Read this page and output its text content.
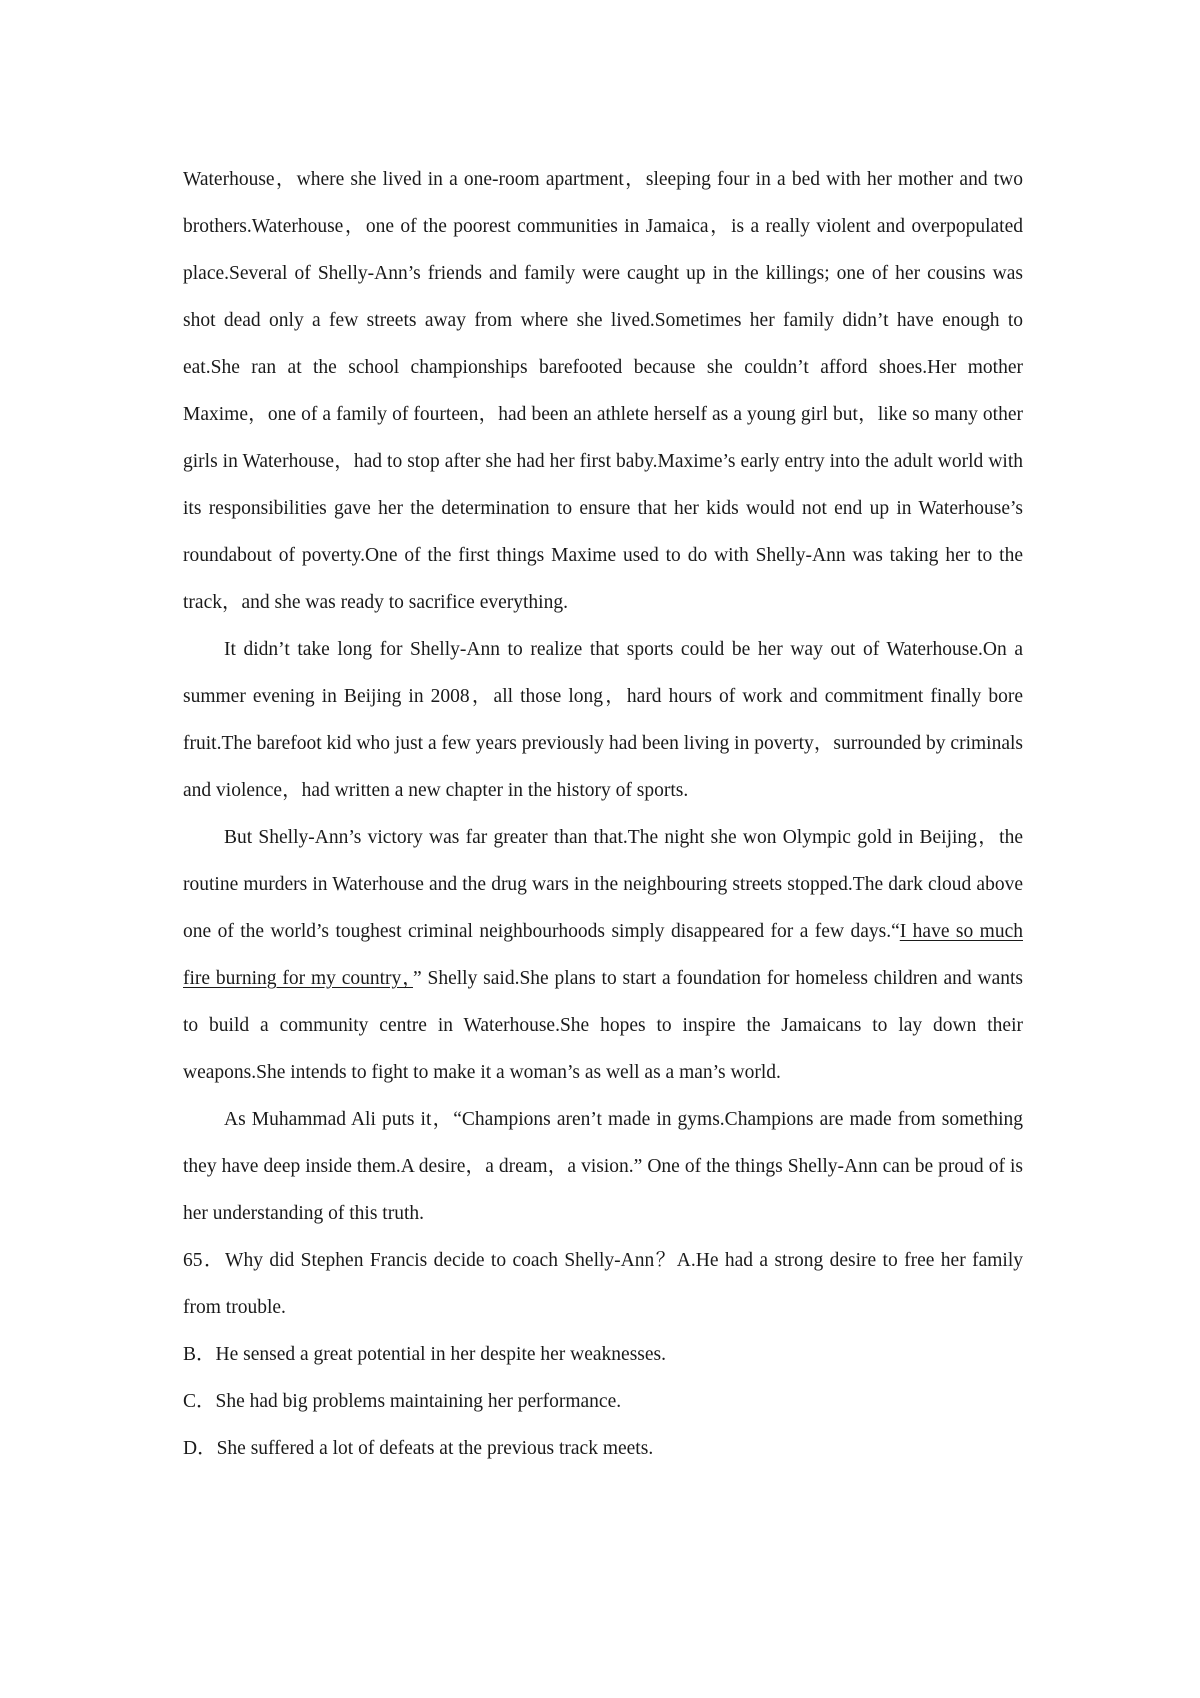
Waterhouse，where she lived in a one-room apartment，sleeping four in a bed with her mother and two brothers.Waterhouse，one of the poorest communities in Jamaica，is a really violent and overpopulated place.Several of Shelly-Ann’s friends and family were caught up in the killings; one of her cousins was shot dead only a few streets away from where she lived.Sometimes her family didn’t have enough to eat.She ran at the school championships barefooted because she couldn’t afford shoes.Her mother Maxime，one of a family of fourteen，had been an athlete herself as a young girl but，like so many other girls in Waterhouse，had to stop after she had her first baby.Maxime’s early entry into the adult world with its responsibilities gave her the determination to ensure that her kids would not end up in Waterhouse’s roundabout of poverty.One of the first things Maxime used to do with Shelly-Ann was taking her to the track，and she was ready to sacrifice everything.

It didn’t take long for Shelly-Ann to realize that sports could be her way out of Waterhouse.On a summer evening in Beijing in 2008，all those long，hard hours of work and commitment finally bore fruit.The barefoot kid who just a few years previously had been living in poverty，surrounded by criminals and violence，had written a new chapter in the history of sports.

But Shelly-Ann’s victory was far greater than that.The night she won Olympic gold in Beijing，the routine murders in Waterhouse and the drug wars in the neighbouring streets stopped.The dark cloud above one of the world’s toughest criminal neighbourhoods simply disappeared for a few days.“I have so much fire burning for my country，” Shelly said.She plans to start a foundation for homeless children and wants to build a community centre in Waterhouse.She hopes to inspire the Jamaicans to lay down their weapons.She intends to fight to make it a woman’s as well as a man’s world.

As Muhammad Ali puts it，“Champions aren’t made in gyms.Champions are made from something they have deep inside them.A desire，a dream，a vision.” One of the things Shelly-Ann can be proud of is her understanding of this truth.

65．Why did Stephen Francis decide to coach Shelly-Ann？A.He had a strong desire to free her family from trouble.

B．He sensed a great potential in her despite her weaknesses.

C．She had big problems maintaining her performance.

D．She suffered a lot of defeats at the previous track meets.
